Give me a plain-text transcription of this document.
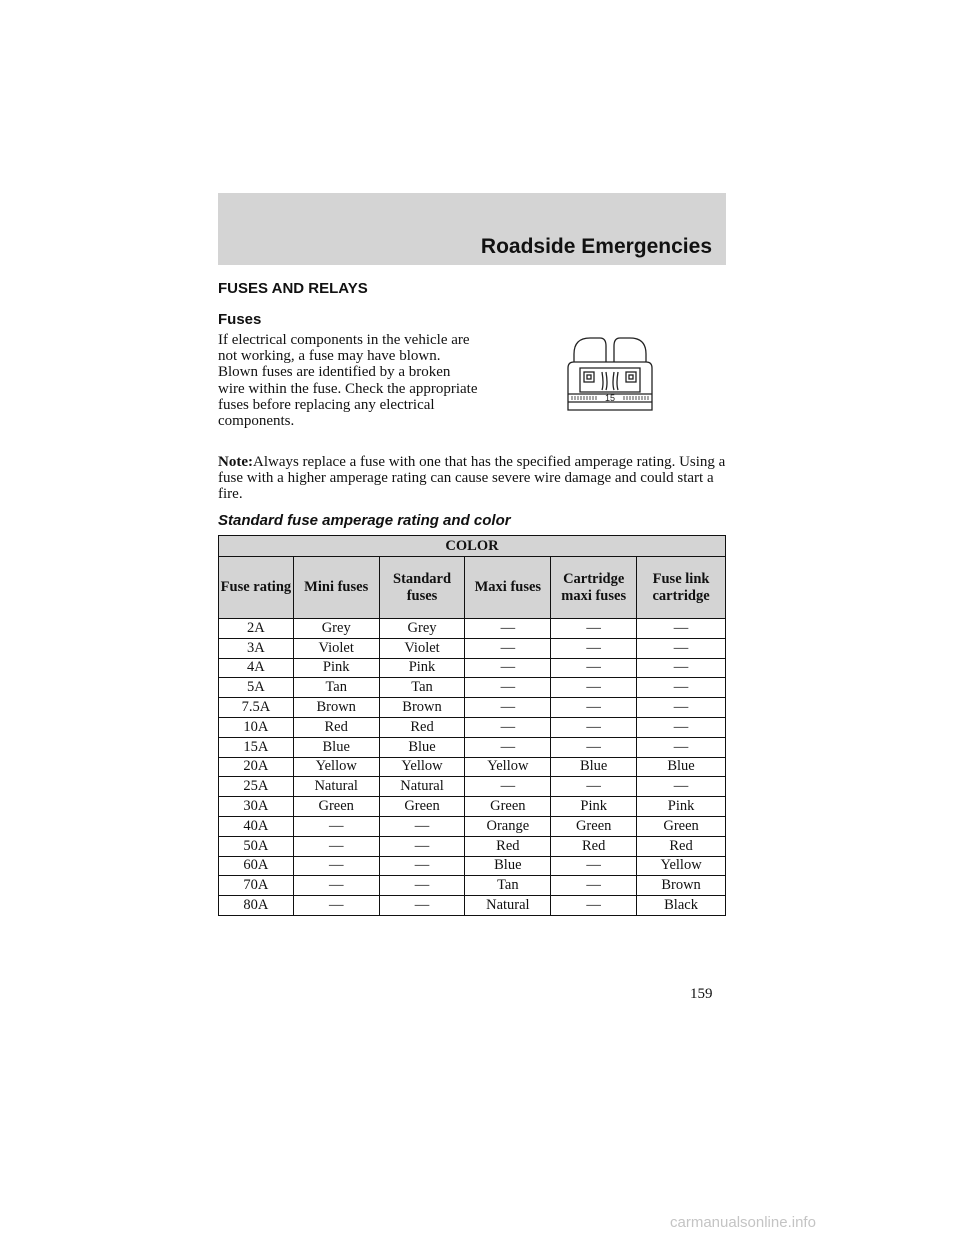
Roadside Emergencies
FUSES AND RELAYS
Fuses
If electrical components in the vehicle are not working, a fuse may have blown. Blown fuses are identified by a broken wire within the fuse. Check the appropriate fuses before replacing any electrical components.
15
Note:Always replace a fuse with one that has the specified amperage rating. Using a fuse with a higher amperage rating can cause severe wire damage and could start a fire.
Standard fuse amperage rating and color
COLOR					
Fuse rating	Mini fuses	Standard fuses	Maxi fuses	Cartridge maxi fuses	Fuse link cartridge
2A	Grey	Grey	—	—	—
3A	Violet	Violet	—	—	—
4A	Pink	Pink	—	—	—
5A	Tan	Tan	—	—	—
7.5A	Brown	Brown	—	—	—
10A	Red	Red	—	—	—
15A	Blue	Blue	—	—	—
20A	Yellow	Yellow	Yellow	Blue	Blue
25A	Natural	Natural	—	—	—
30A	Green	Green	Green	Pink	Pink
40A	—	—	Orange	Green	Green
50A	—	—	Red	Red	Red
60A	—	—	Blue	—	Yellow
70A	—	—	Tan	—	Brown
80A	—	—	Natural	—	Black
159
carmanualsonline.info
